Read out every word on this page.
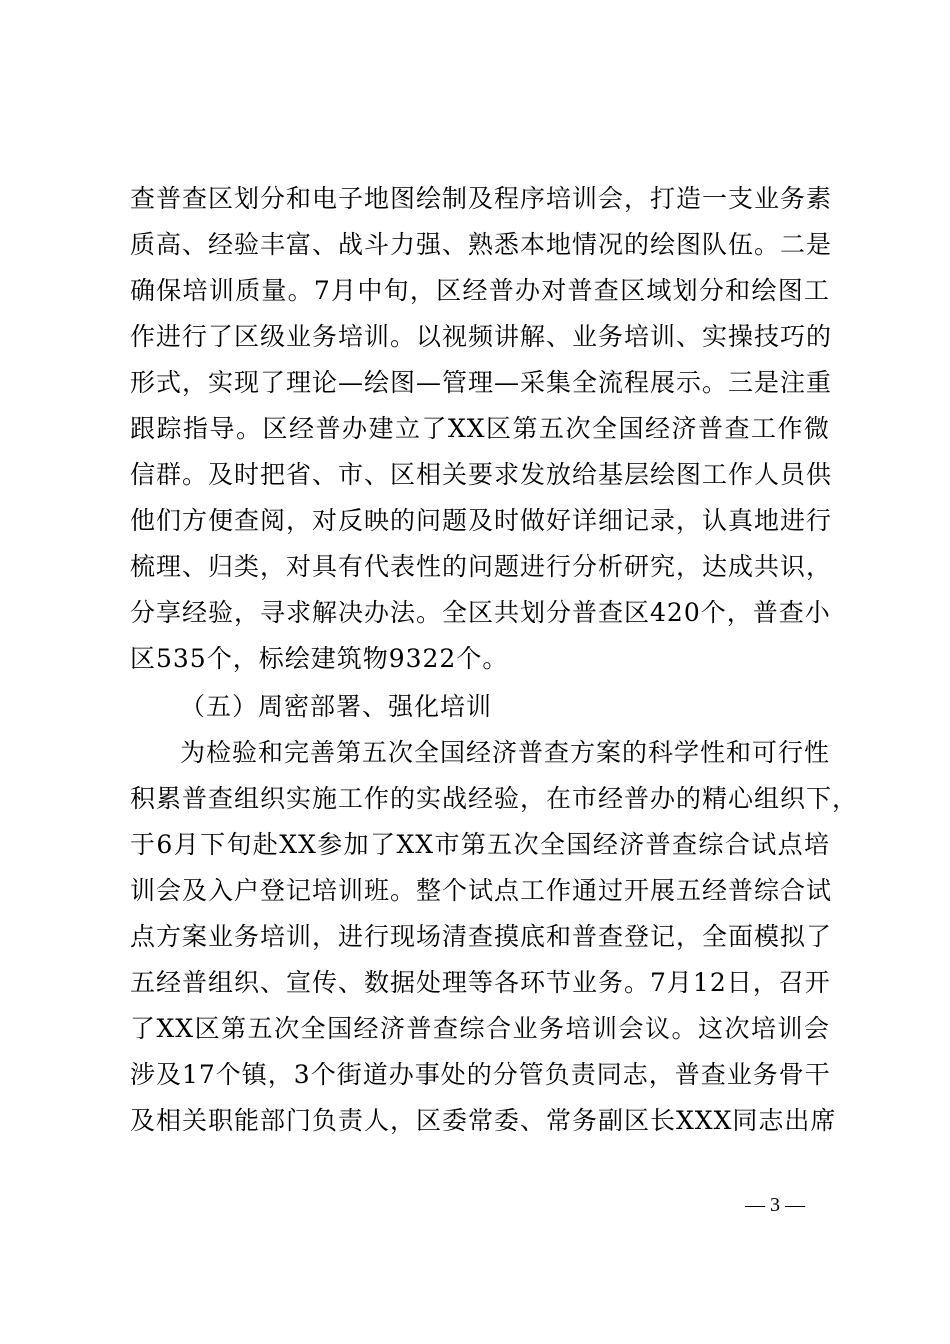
查普查区划分和电子地图绘制及程序培训会，打造一支业务素
质高、经验丰富、战斗力强、熟悉本地情况的绘图队伍。二是
确保培训质量。7月中旬，区经普办对普查区域划分和绘图工
作进行了区级业务培训。以视频讲解、业务培训、实操技巧的
形式，实现了理论—绘图—管理—采集全流程展示。三是注重
跟踪指导。区经普办建立了XX区第五次全国经济普查工作微
信群。及时把省、市、区相关要求发放给基层绘图工作人员供
他们方便查阅，对反映的问题及时做好详细记录，认真地进行
梳理、归类，对具有代表性的问题进行分析研究，达成共识，
分享经验，寻求解决办法。全区共划分普查区420个，普查小
区535个，标绘建筑物9322个。
（五）周密部署、强化培训
为检验和完善第五次全国经济普查方案的科学性和可行性
积累普查组织实施工作的实战经验，在市经普办的精心组织下，
于6月下旬赴XX参加了XX市第五次全国经济普查综合试点培
训会及入户登记培训班。整个试点工作通过开展五经普综合试
点方案业务培训，进行现场清查摸底和普查登记，全面模拟了
五经普组织、宣传、数据处理等各环节业务。7月12日，召开
了XX区第五次全国经济普查综合业务培训会议。这次培训会
涉及17个镇，3个街道办事处的分管负责同志，普查业务骨干
及相关职能部门负责人，区委常委、常务副区长XXX同志出席
— 3 —
